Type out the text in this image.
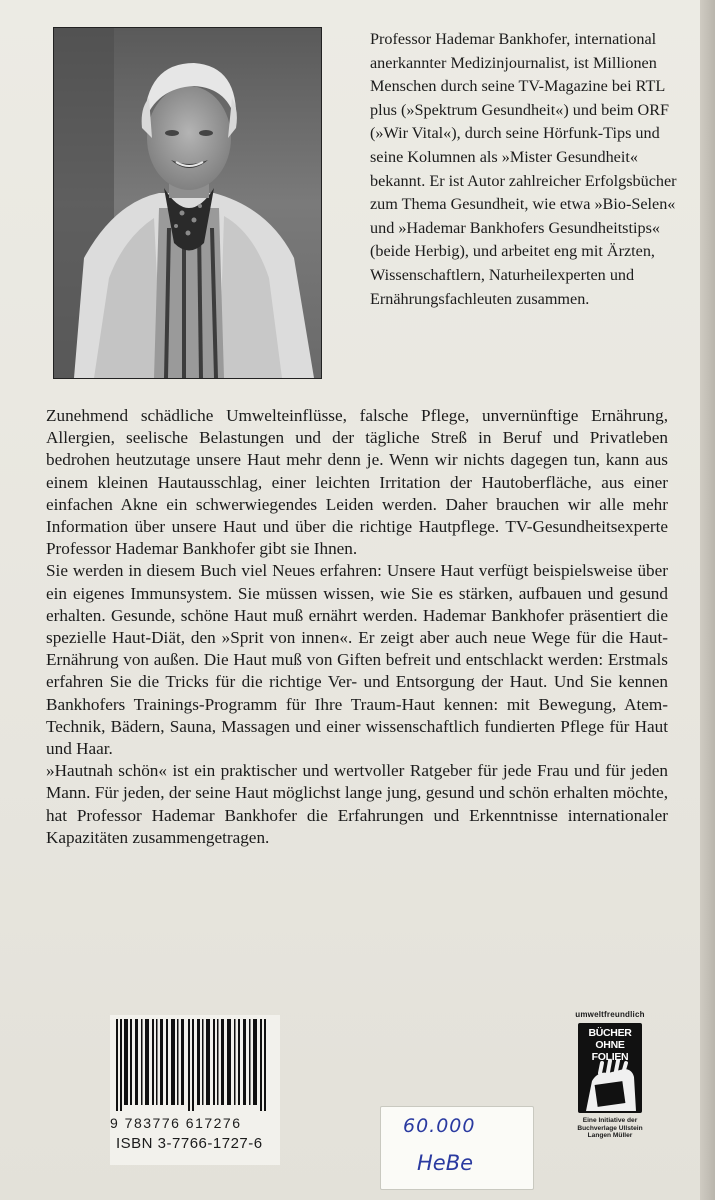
Professor Hademar Bankhofer, international anerkannter Medizinjournalist, ist Millionen Menschen durch seine TV-Magazine bei RTL plus (»Spektrum Gesundheit«) und beim ORF (»Wir Vital«), durch seine Hörfunk-Tips und seine Kolumnen als »Mister Gesundheit« bekannt. Er ist Autor zahlreicher Erfolgsbücher zum Thema Gesundheit, wie etwa »Bio-Selen« und »Hademar Bankhofers Gesundheitstips« (beide Herbig), und arbeitet eng mit Ärzten, Wissenschaftlern, Naturheilexperten und Ernährungsfachleuten zusammen.

Zunehmend schädliche Umwelteinflüsse, falsche Pflege, unvernünftige Ernährung, Allergien, seelische Belastungen und der tägliche Streß in Beruf und Privatleben bedrohen heutzutage unsere Haut mehr denn je. Wenn wir nichts dagegen tun, kann aus einem kleinen Hautausschlag, einer leichten Irritation der Hautoberfläche, aus einer einfachen Akne ein schwerwiegendes Leiden werden. Daher brauchen wir alle mehr Information über unsere Haut und über die richtige Hautpflege. TV-Gesundheitsexperte Professor Hademar Bankhofer gibt sie Ihnen.

Sie werden in diesem Buch viel Neues erfahren: Unsere Haut verfügt beispielsweise über ein eigenes Immunsystem. Sie müssen wissen, wie Sie es stärken, aufbauen und gesund erhalten. Gesunde, schöne Haut muß ernährt werden. Hademar Bankhofer präsentiert die spezielle Haut-Diät, den »Sprit von innen«. Er zeigt aber auch neue Wege für die Haut-Ernährung von außen. Die Haut muß von Giften befreit und entschlackt werden: Erstmals erfahren Sie die Tricks für die richtige Ver- und Entsorgung der Haut. Und Sie kennen Bankhofers Trainings-Programm für Ihre Traum-Haut kennen: mit Bewegung, Atem-Technik, Bädern, Sauna, Massagen und einer wissenschaftlich fundierten Pflege für Haut und Haar.

»Hautnah schön« ist ein praktischer und wertvoller Ratgeber für jede Frau und für jeden Mann. Für jeden, der seine Haut möglichst lange jung, gesund und schön erhalten möchte, hat Professor Hademar Bankhofer die Erfahrungen und Erkenntnisse internationaler Kapazitäten zusammengetragen.

9 783776 617276
ISBN 3-7766-1727-6
60.000
HeBe
umweltfreundlich
BÜCHER
OHNE
FOLIEN
Eine Initiative der Buchverlage Ullstein Langen Müller
